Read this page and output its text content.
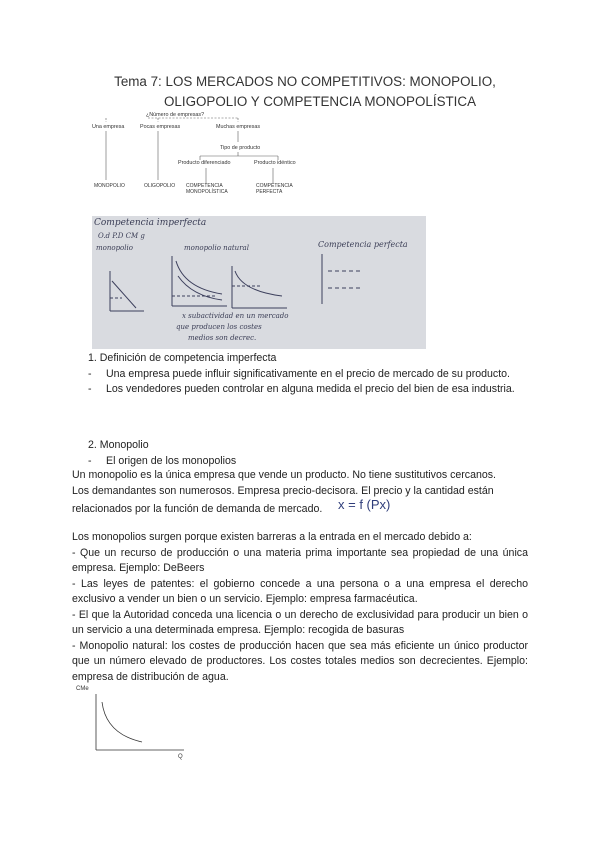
Tema 7: LOS MERCADOS NO COMPETITIVOS: MONOPOLIO,
OLIGOPOLIO Y COMPETENCIA MONOPOLÍSTICA
¿Número de empresas?
Una empresa	Pocas empresas	Muchas empresas
Tipo de producto
Producto diferenciado	Producto idéntico
MONOPOLIO	OLIGOPOLIO COMPETENCIA
MONOPOLÍSTICA
COMPETENCIA
PERFECTA
Competencia imperfecta
O.d P.D CM g
monopolio	monopolio natural	Competencia perfecta
x subactividad en un mercado
que producen los costes
medios son decrec.
1. Definición de competencia imperfecta
-	Una empresa puede influir significativamente en el precio de mercado de su producto.
-	Los vendedores pueden controlar en alguna medida el precio del bien de esa industria.
2. Monopolio
-	El origen de los monopolios
Un monopolio es la única empresa que vende un producto. No tiene sustitutivos cercanos.
Los demandantes son numerosos. Empresa precio-decisora. El precio y la cantidad están
relacionados por la función de demanda de mercado. x = f (Px)
Los monopolios surgen porque existen barreras a la entrada en el mercado debido a:
- Que un recurso de producción o una materia prima importante sea propiedad de una única empresa. Ejemplo: DeBeers
- Las leyes de patentes: el gobierno concede a una persona o a una empresa el derecho exclusivo a vender un bien o un servicio. Ejemplo: empresa farmacéutica.
- El que la Autoridad conceda una licencia o un derecho de exclusividad para producir un bien o un servicio a una determinada empresa. Ejemplo: recogida de basuras
- Monopolio natural: los costes de producción hacen que sea más eficiente un único productor que un número elevado de productores. Los costes totales medios son decrecientes. Ejemplo: empresa de distribución de agua.
CMe
Q
